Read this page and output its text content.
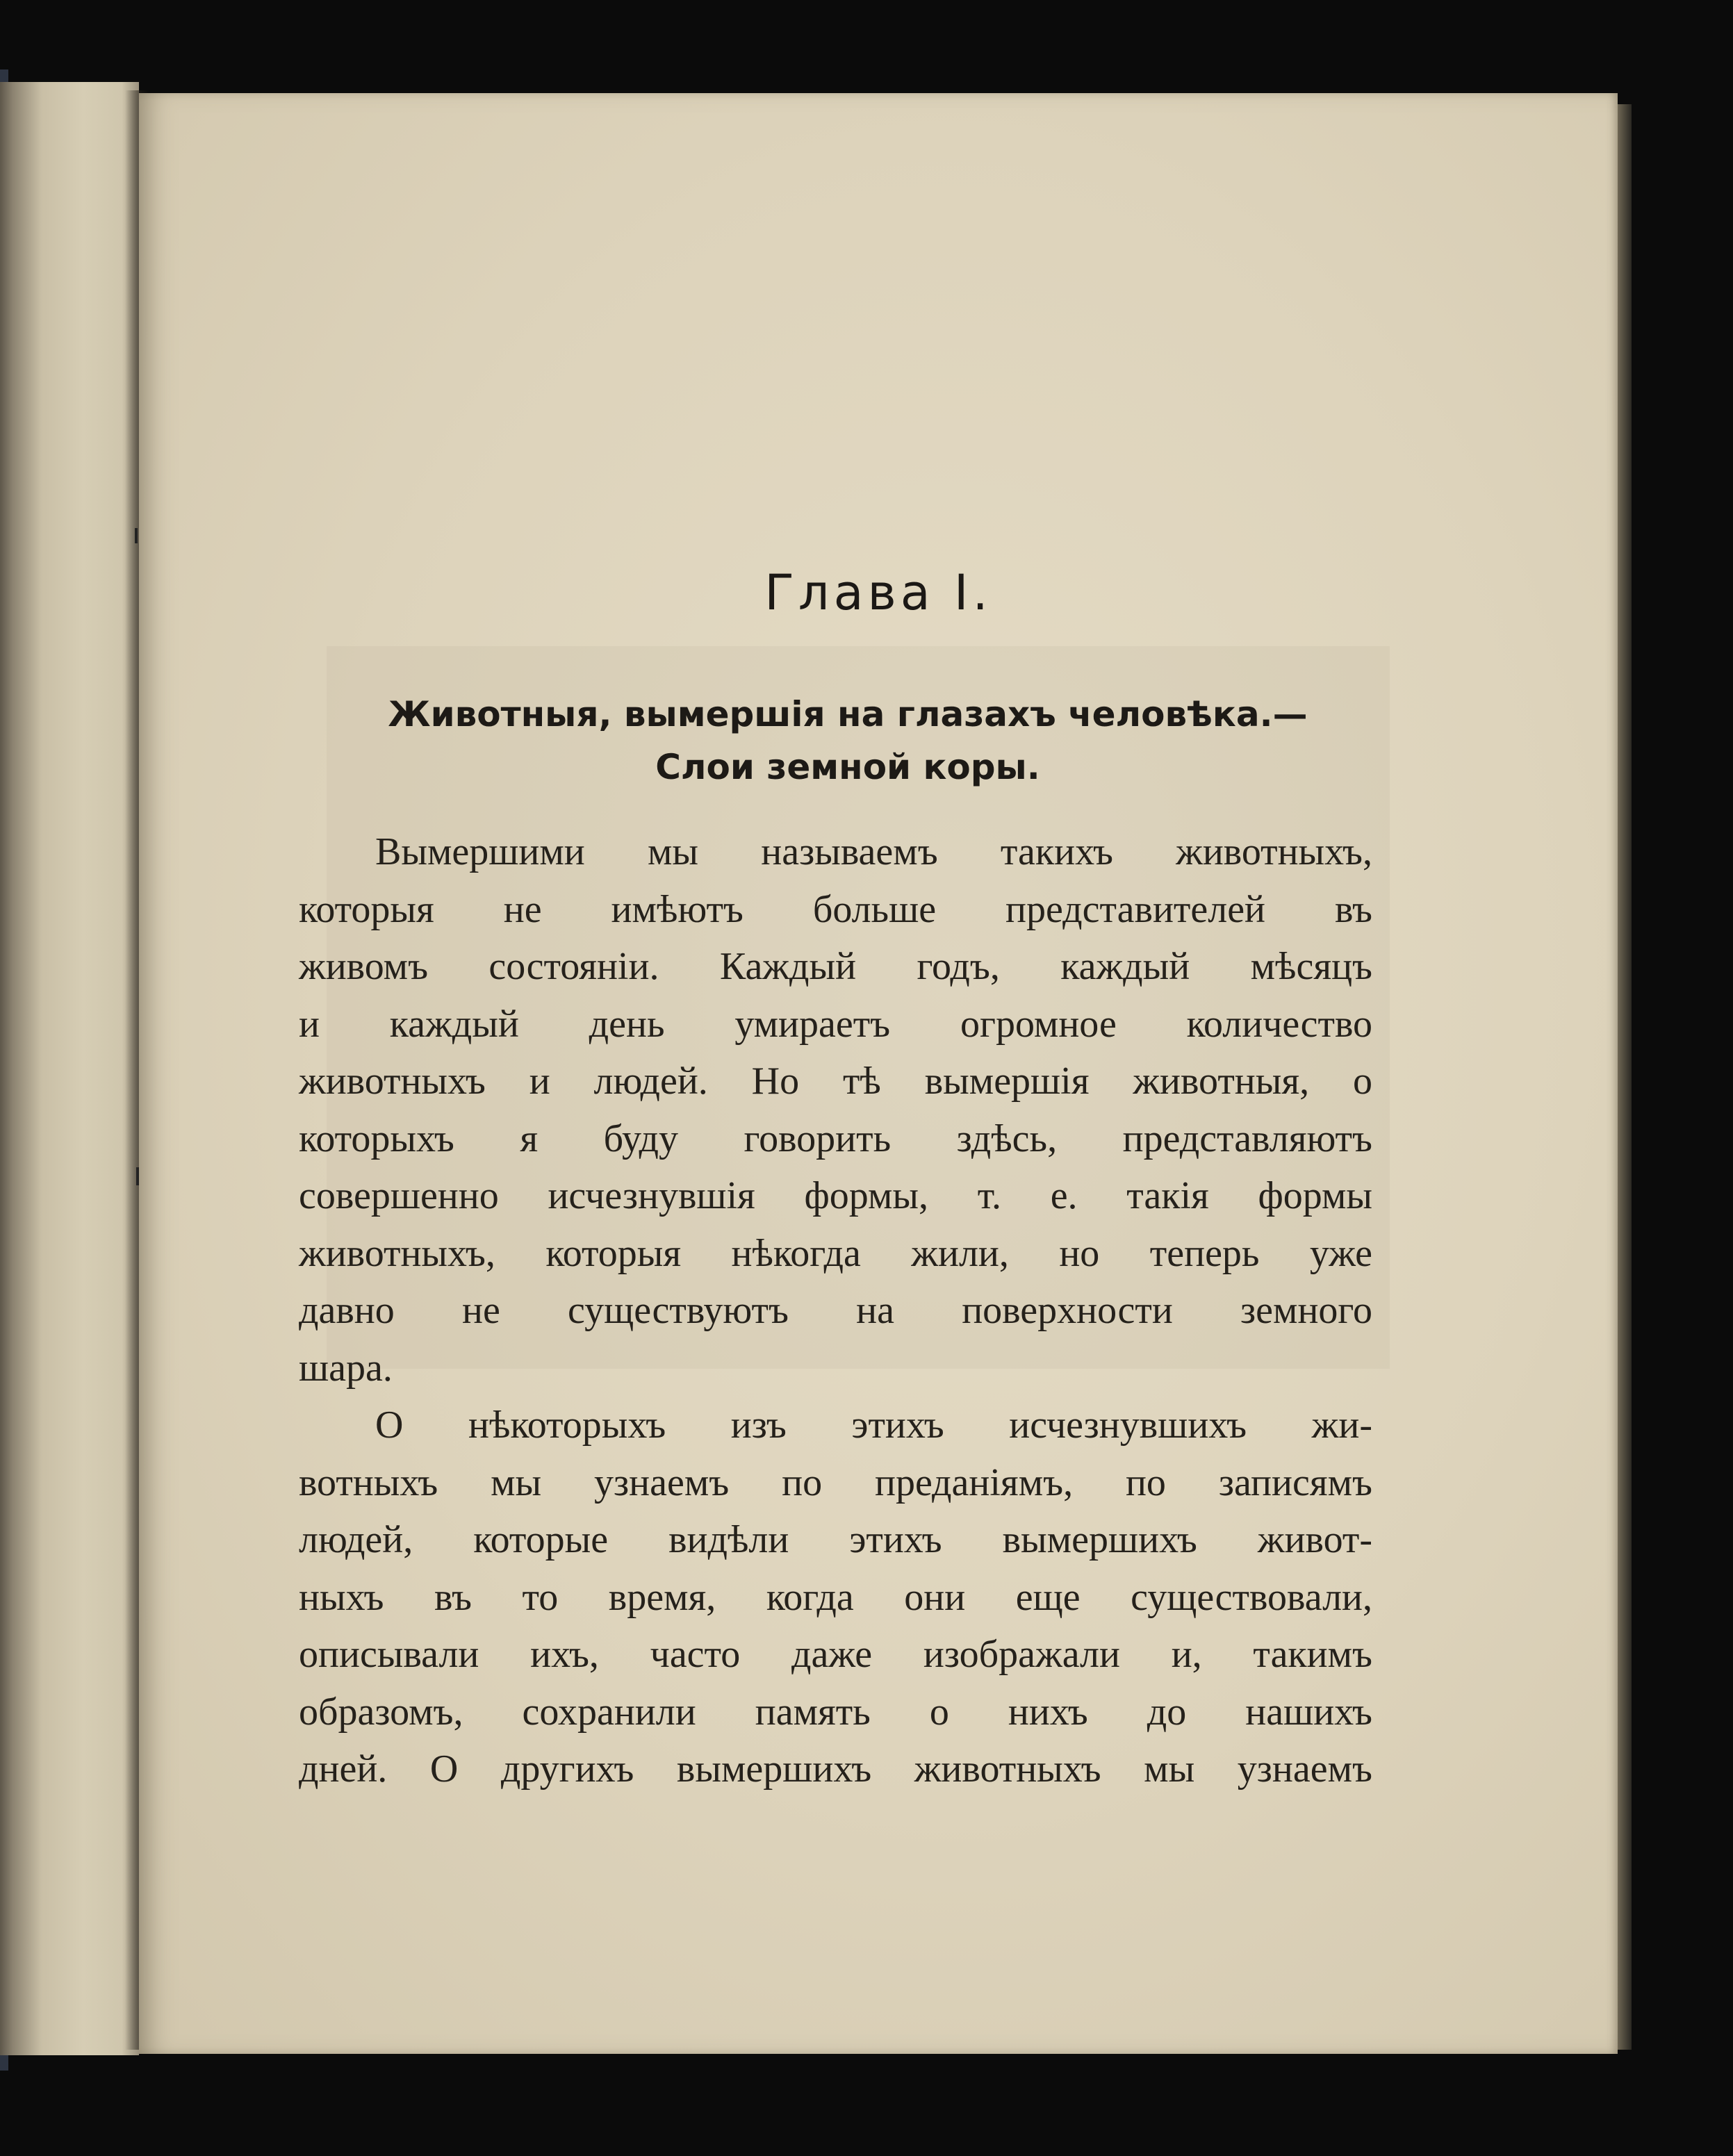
Глава I.
Животныя, вымершiя на глазахъ человѣка.—
Слои земной коры.
Вымершими мы называемъ такихъ животныхъ,
которыя не имѣютъ больше представителей въ
живомъ состоянiи. Каждый годъ, каждый мѣсяцъ
и каждый день умираетъ огромное количество
животныхъ и людей. Но тѣ вымершiя животныя, о
которыхъ я буду говорить здѣсь, представляютъ
совершенно исчезнувшiя формы, т. е. такiя формы
животныхъ, которыя нѣкогда жили, но теперь уже
давно не существуютъ на поверхности земного
шара.
О нѣкоторыхъ изъ этихъ исчезнувшихъ жи-
вотныхъ мы узнаемъ по преданiямъ, по записямъ
людей, которые видѣли этихъ вымершихъ живот-
ныхъ въ то время, когда они еще существовали,
описывали ихъ, часто даже изображали и, такимъ
образомъ, сохранили память о нихъ до нашихъ
дней. О другихъ вымершихъ животныхъ мы узнаемъ
